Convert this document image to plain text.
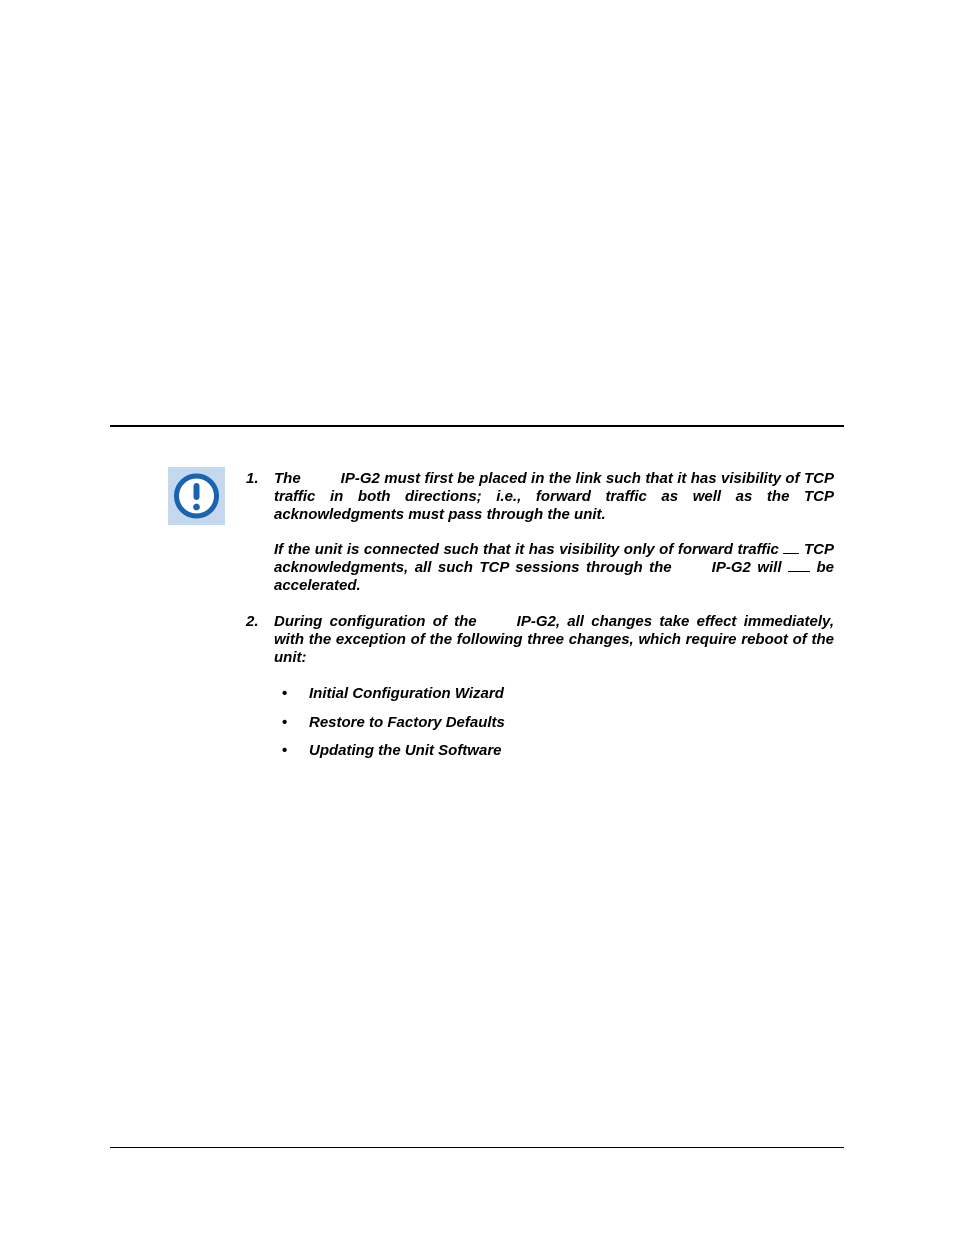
1. The	IP-G2 must first be placed in the link such that it has visibility of TCP traffic in both directions; i.e., forward traffic as well as the TCP acknowledgments must pass through the unit.
If the unit is connected such that it has visibility only of forward traffic TCP acknowledgments, all such TCP sessions through the	IP-G2 will be accelerated.
2. During configuration of the	IP-G2, all changes take effect immediately, with the exception of the following three changes, which require reboot of the unit:
• Initial Configuration Wizard
• Restore to Factory Defaults
• Updating the Unit Software
